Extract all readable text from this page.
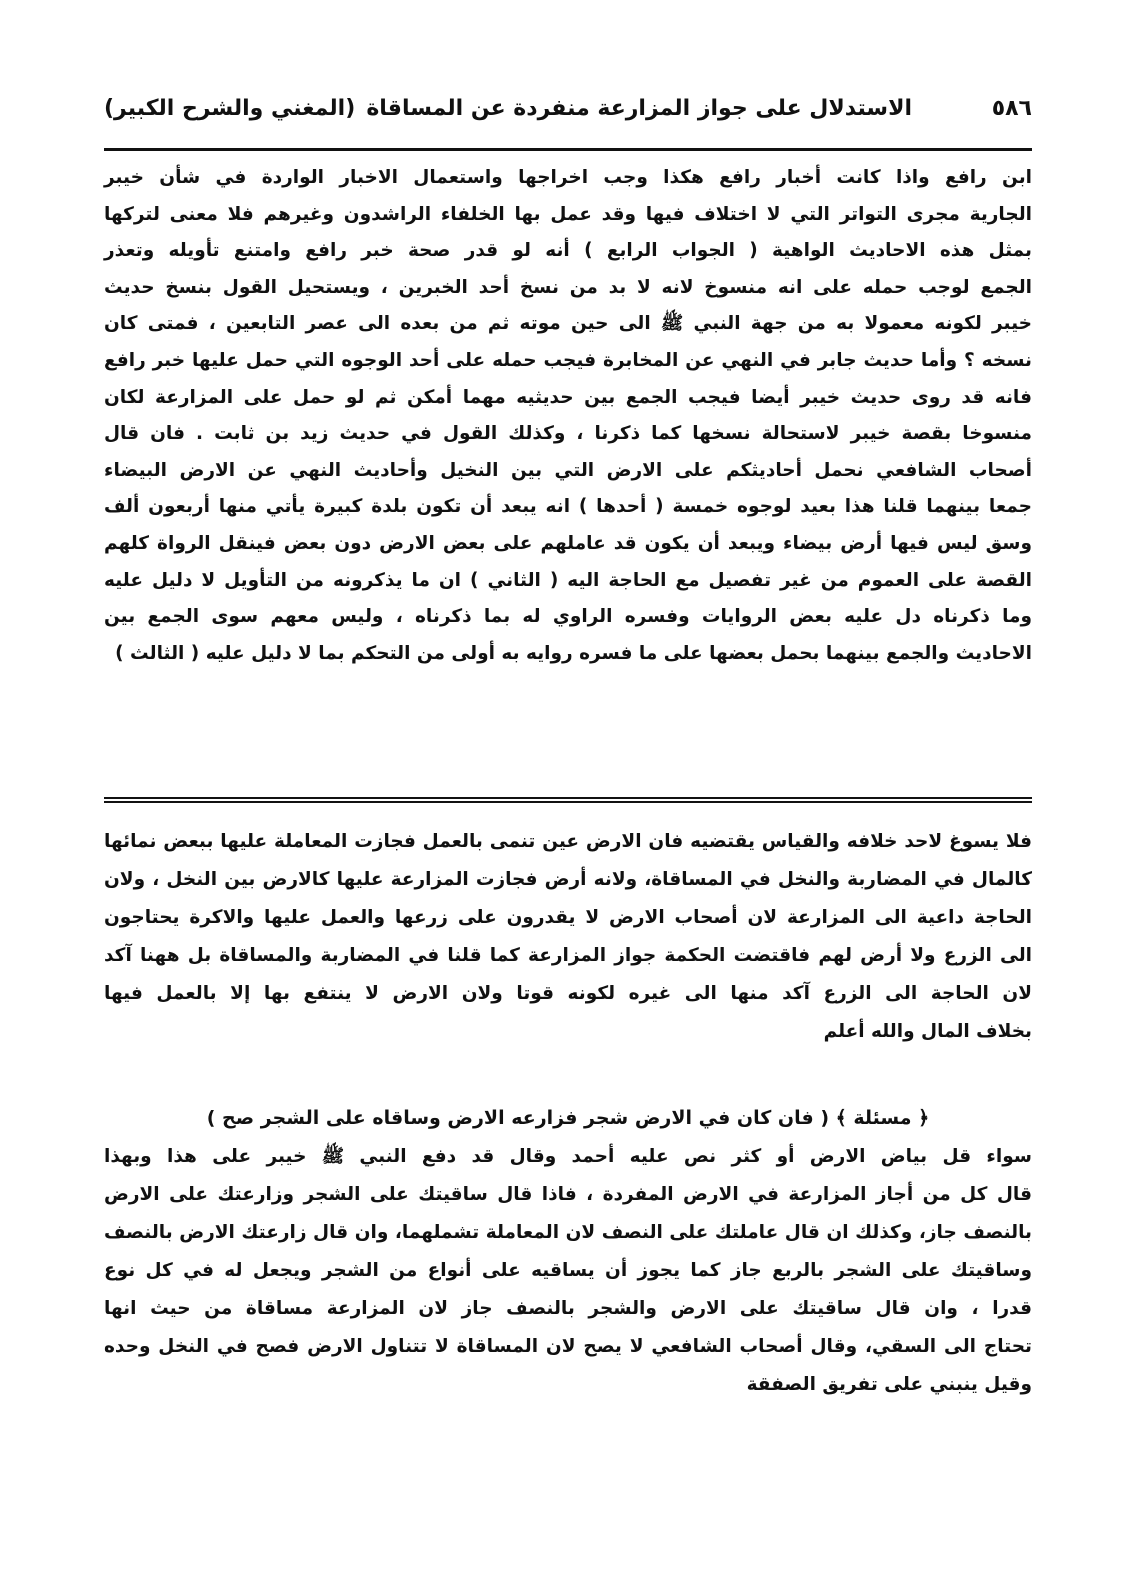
٥٨٦
الاستدلال على جواز المزارعة منفردة عن المساقاة
(المغني والشرح الكبير)
ابن رافع واذا كانت أخبار رافع هكذا وجب اخراجها واستعمال الاخبار الواردة في شأن خيبر
الجارية مجرى التواتر التي لا اختلاف فيها وقد عمل بها الخلفاء الراشدون وغيرهم فلا معنى لتركها
بمثل هذه الاحاديث الواهية ( الجواب الرابع ) أنه لو قدر صحة خبر رافع وامتنع تأويله وتعذر
الجمع لوجب حمله على انه منسوخ لانه لا بد من نسخ أحد الخبرين ، ويستحيل القول بنسخ حديث
خيبر لكونه معمولا به من جهة النبي ﷺ الى حين موته ثم من بعده الى عصر التابعين ، فمتى كان
نسخه ؟ وأما حديث جابر في النهي عن المخابرة فيجب حمله على أحد الوجوه التي حمل عليها خبر رافع
فانه قد روى حديث خيبر أيضا فيجب الجمع بين حديثيه مهما أمكن ثم لو حمل على المزارعة لكان
منسوخا بقصة خيبر لاستحالة نسخها كما ذكرنا ، وكذلك القول في حديث زيد بن ثابت . فان قال
أصحاب الشافعي نحمل أحاديثكم على الارض التي بين النخيل وأحاديث النهي عن الارض البيضاء
جمعا بينهما قلنا هذا بعيد لوجوه خمسة ( أحدها ) انه يبعد أن تكون بلدة كبيرة يأتي منها أربعون ألف
وسق ليس فيها أرض بيضاء ويبعد أن يكون قد عاملهم على بعض الارض دون بعض فينقل الرواة كلهم
القصة على العموم من غير تفصيل مع الحاجة اليه ( الثاني ) ان ما يذكرونه من التأويل لا دليل عليه
وما ذكرناه دل عليه بعض الروايات وفسره الراوي له بما ذكرناه ، وليس معهم سوى الجمع بين
الاحاديث والجمع بينهما بحمل بعضها على ما فسره روايه به أولى من التحكم بما لا دليل عليه ( الثالث )
فلا يسوغ لاحد خلافه والقياس يقتضيه فان الارض عين تنمى بالعمل فجازت المعاملة عليها ببعض نمائها
كالمال في المضاربة والنخل في المساقاة، ولانه أرض فجازت المزارعة عليها كالارض بين النخل ، ولان
الحاجة داعية الى المزارعة لان أصحاب الارض لا يقدرون على زرعها والعمل عليها والاكرة يحتاجون
الى الزرع ولا أرض لهم فاقتضت الحكمة جواز المزارعة كما قلنا في المضاربة والمساقاة بل ههنا آكد
لان الحاجة الى الزرع آكد منها الى غيره لكونه قوتا ولان الارض لا ينتفع بها إلا بالعمل فيها
بخلاف المال والله أعلم
﴿ مسئلة ﴾ ( فان كان في الارض شجر فزارعه الارض وساقاه على الشجر صح )
سواء قل بياض الارض أو كثر نص عليه أحمد وقال قد دفع النبي ﷺ خيبر على هذا وبهذا
قال كل من أجاز المزارعة في الارض المفردة ، فاذا قال ساقيتك على الشجر وزارعتك على الارض
بالنصف جاز، وكذلك ان قال عاملتك على النصف لان المعاملة تشملهما، وان قال زارعتك الارض بالنصف
وساقيتك على الشجر بالربع جاز كما يجوز أن يساقيه على أنواع من الشجر ويجعل له في كل نوع
قدرا ، وان قال ساقيتك على الارض والشجر بالنصف جاز لان المزارعة مساقاة من حيث انها
تحتاج الى السقي، وقال أصحاب الشافعي لا يصح لان المساقاة لا تتناول الارض فصح في النخل وحده
وقيل ينبني على تفريق الصفقة
